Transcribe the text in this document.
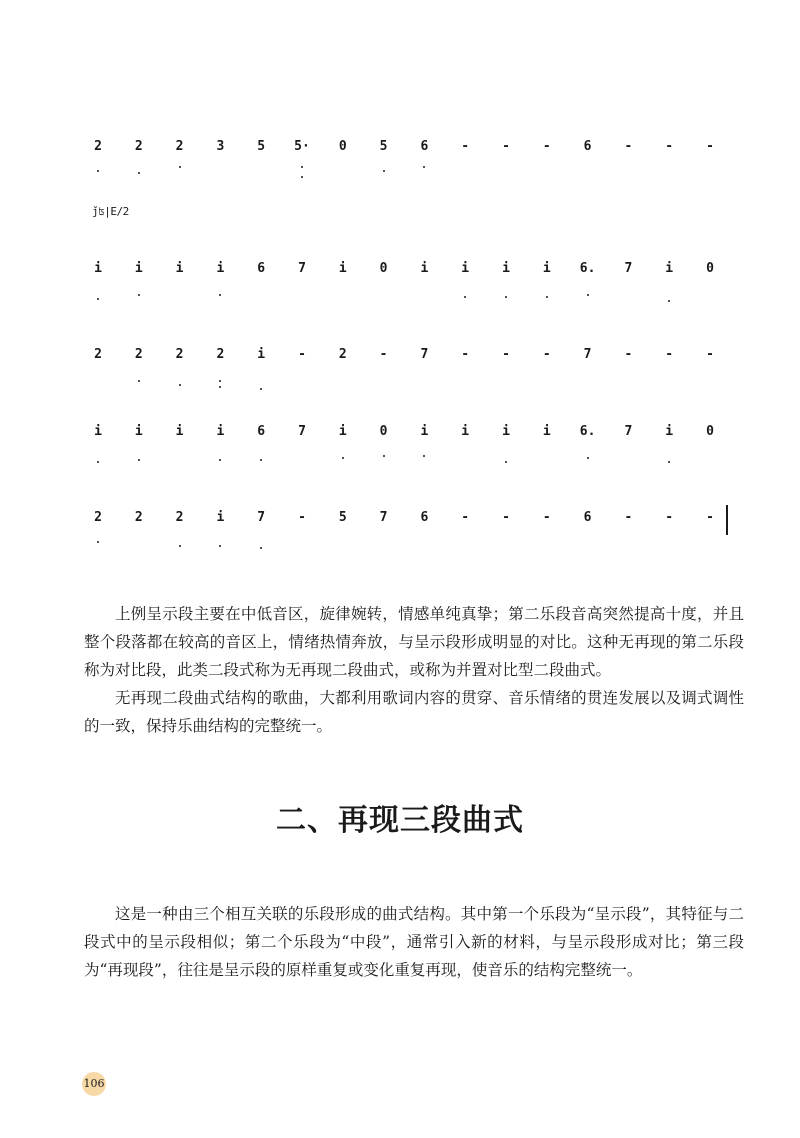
2	2	2	3	5	5·	0	5	6	-	-	-	6	-	-	-
ǰʦ|E/2
i	i	i	i	6	7	i	0	i	i	i	i	6.	7	i	0
2	2	2	2	i	-	2	-	7	-	-	-	7	-	-	-
i	i	i	i	6	7	i	0	i	i	i	i	6.	7	i	0
2	2	2	i	7	-	5	7	6	-	-	-	6	-	-	-

上例呈示段主要在中低音区，旋律婉转，情感单纯真挚；第二乐段音高突然提高十度，并且整个段落都在较高的音区上，情绪热情奔放，与呈示段形成明显的对比。这种无再现的第二乐段称为对比段，此类二段式称为无再现二段曲式，或称为并置对比型二段曲式。

无再现二段曲式结构的歌曲，大都利用歌词内容的贯穿、音乐情绪的贯连发展以及调式调性的一致，保持乐曲结构的完整统一。

二、再现三段曲式

这是一种由三个相互关联的乐段形成的曲式结构。其中第一个乐段为“呈示段”，其特征与二段式中的呈示段相似；第二个乐段为“中段”，通常引入新的材料，与呈示段形成对比；第三段为“再现段”，往往是呈示段的原样重复或变化重复再现，使音乐的结构完整统一。

106
